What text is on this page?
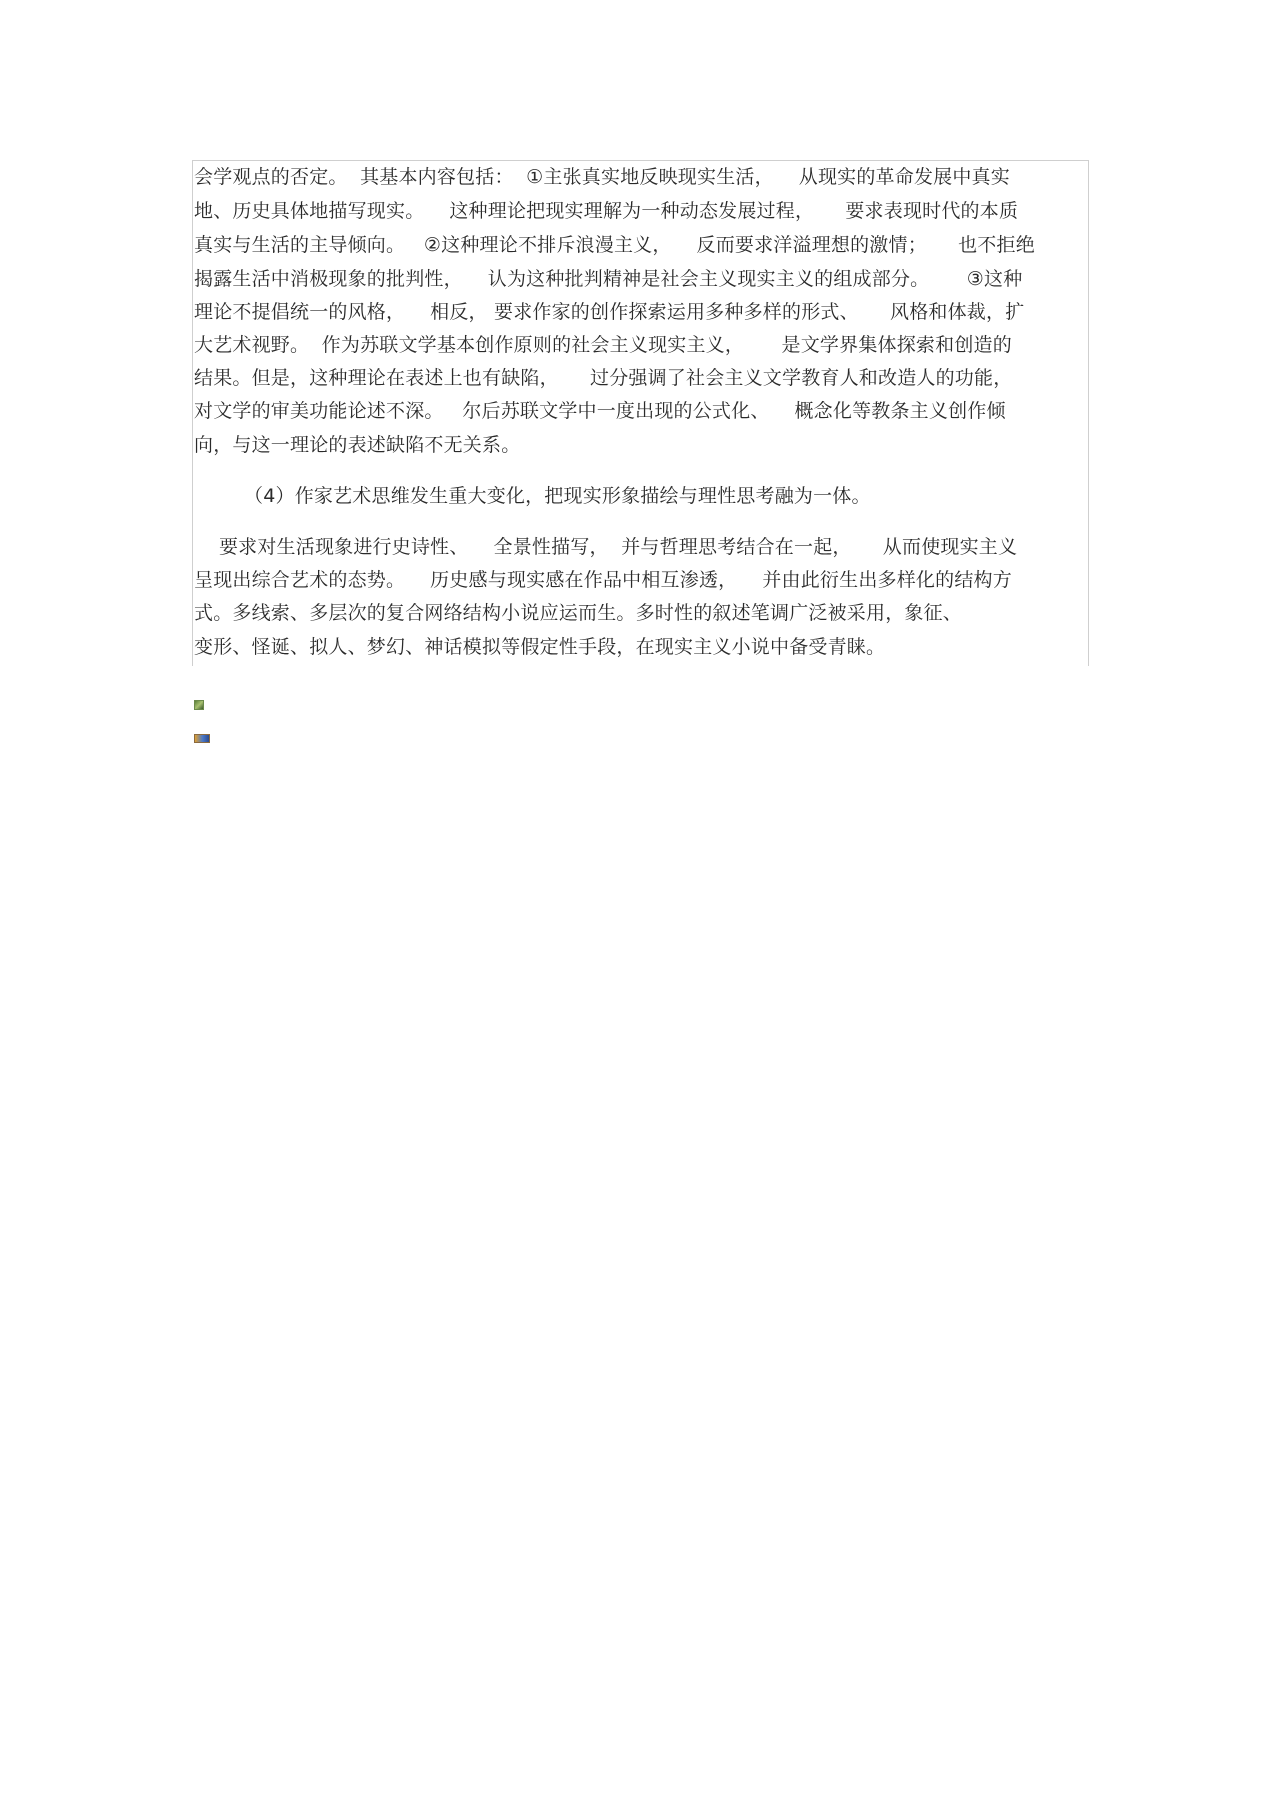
会学观点的否定。  其基本内容包括：  ①主张真实地反映现实生活，    从现实的革命发展中真实
地、历史具体地描写现实。    这种理论把现实理解为一种动态发展过程，     要求表现时代的本质
真实与生活的主导倾向。   ②这种理论不排斥浪漫主义，    反而要求洋溢理想的激情；     也不拒绝
揭露生活中消极现象的批判性，    认为这种批判精神是社会主义现实主义的组成部分。      ③这种
理论不提倡统一的风格，    相反， 要求作家的创作探索运用多种多样的形式、     风格和体裁，扩
大艺术视野。  作为苏联文学基本创作原则的社会主义现实主义，      是文学界集体探索和创造的
结果。但是，这种理论在表述上也有缺陷，     过分强调了社会主义文学教育人和改造人的功能，
对文学的审美功能论述不深。   尔后苏联文学中一度出现的公式化、    概念化等教条主义创作倾
向，与这一理论的表述缺陷不无关系。
（4）作家艺术思维发生重大变化，把现实形象描绘与理性思考融为一体。
要求对生活现象进行史诗性、    全景性描写，  并与哲理思考结合在一起，     从而使现实主义
呈现出综合艺术的态势。    历史感与现实感在作品中相互渗透，    并由此衍生出多样化的结构方
式。多线索、多层次的复合网络结构小说应运而生。多时性的叙述笔调广泛被采用，象征、
变形、怪诞、拟人、梦幻、神话模拟等假定性手段，在现实主义小说中备受青睐。
